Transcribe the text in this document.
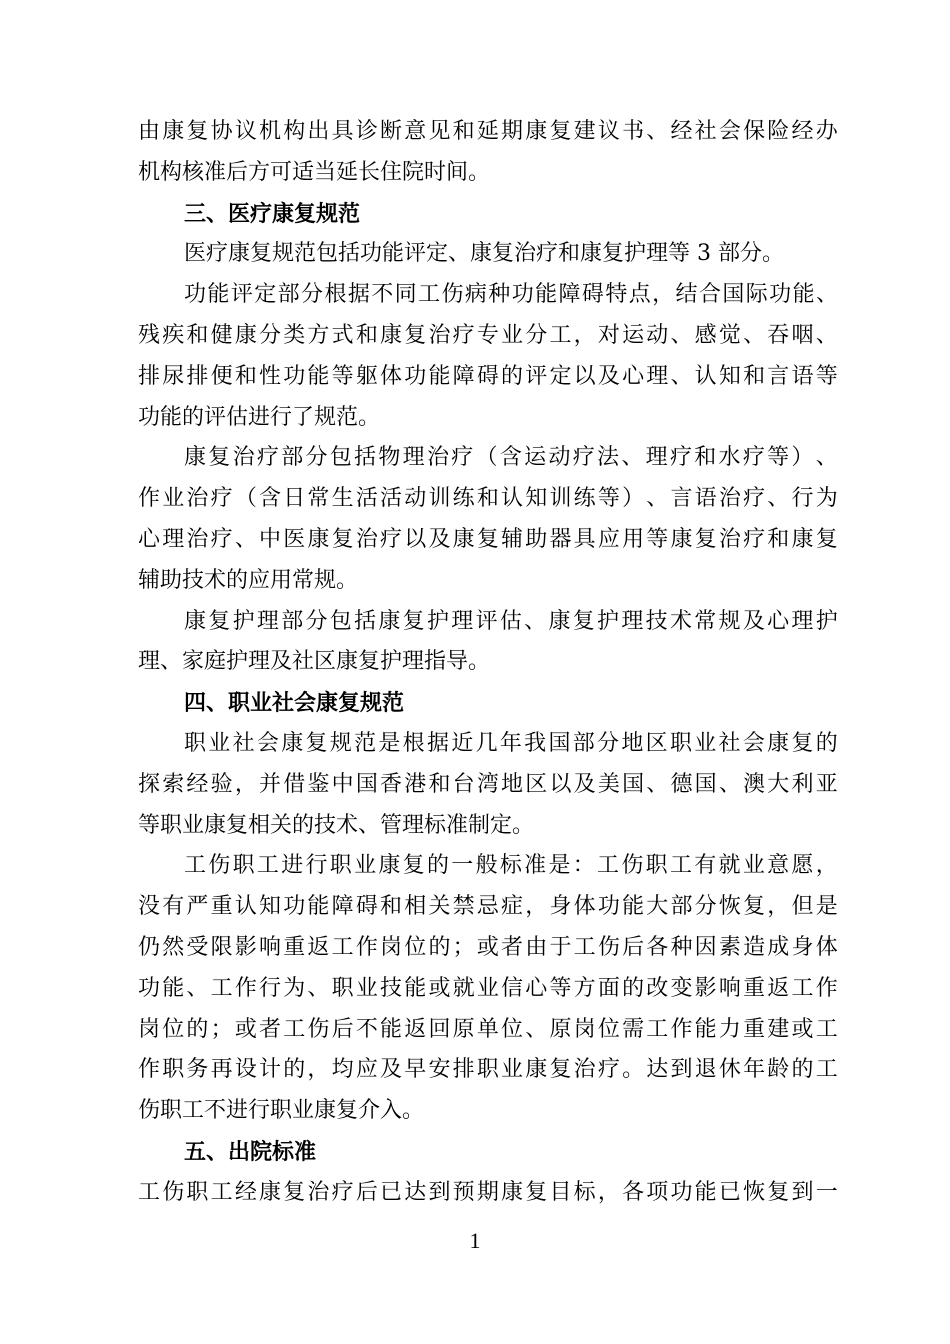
由 康 复 协 议 机 构 出 具 诊 断 意 见 和 延 期 康 复 建 议 书 、 经 社 会 保 险 经 办
机构核准后方可适当延长住院时间。
三、医疗康复规范
医疗康复规范包括功能评定、康复治疗和康复护理等 3 部分。
功 能 评 定 部 分 根 据 不 同 工 伤 病 种 功 能 障 碍 特 点 ， 结 合 国 际 功 能 、
残 疾 和 健 康 分 类 方 式 和 康 复 治 疗 专 业 分 工 ， 对 运 动 、 感 觉 、 吞 咽 、
排 尿 排 便 和 性 功 能 等 躯 体 功 能 障 碍 的 评 定 以 及 心 理 、 认 知 和 言 语 等
功能的评估进行了规范。
康 复 治 疗 部 分 包 括 物 理 治 疗 （ 含 运 动 疗 法 、 理 疗 和 水 疗 等 ） 、
作 业 治 疗 （ 含 日 常 生 活 活 动 训 练 和 认 知 训 练 等 ） 、 言 语 治 疗 、 行 为
心 理 治 疗 、 中 医 康 复 治 疗 以 及 康 复 辅 助 器 具 应 用 等 康 复 治 疗 和 康 复
辅助技术的应用常规。
康 复 护 理 部 分 包 括 康 复 护 理 评 估 、 康 复 护 理 技 术 常 规 及 心 理 护
理、家庭护理及社区康复护理指导。
四、职业社会康复规范
职 业 社 会 康 复 规 范 是 根 据 近 几 年 我 国 部 分 地 区 职 业 社 会 康 复 的
探 索 经 验 ， 并 借 鉴 中 国 香 港 和 台 湾 地 区 以 及 美 国 、 德 国 、 澳 大 利 亚
等职业康复相关的技术、管理标准制定。
工 伤 职 工 进 行 职 业 康 复 的 一 般 标 准 是 ： 工 伤 职 工 有 就 业 意 愿 ，
没 有 严 重 认 知 功 能 障 碍 和 相 关 禁 忌 症 ， 身 体 功 能 大 部 分 恢 复 ， 但 是
仍 然 受 限 影 响 重 返 工 作 岗 位 的 ； 或 者 由 于 工 伤 后 各 种 因 素 造 成 身 体
功 能 、 工 作 行 为 、 职 业 技 能 或 就 业 信 心 等 方 面 的 改 变 影 响 重 返 工 作
岗 位 的 ； 或 者 工 伤 后 不 能 返 回 原 单 位 、 原 岗 位 需 工 作 能 力 重 建 或 工
作 职 务 再 设 计 的 ， 均 应 及 早 安 排 职 业 康 复 治 疗 。 达 到 退 休 年 龄 的 工
伤职工不进行职业康复介入。
五、出院标准
工 伤 职 工 经 康 复 治 疗 后 已 达 到 预 期 康 复 目 标 ， 各 项 功 能 已 恢 复 到 一
1
